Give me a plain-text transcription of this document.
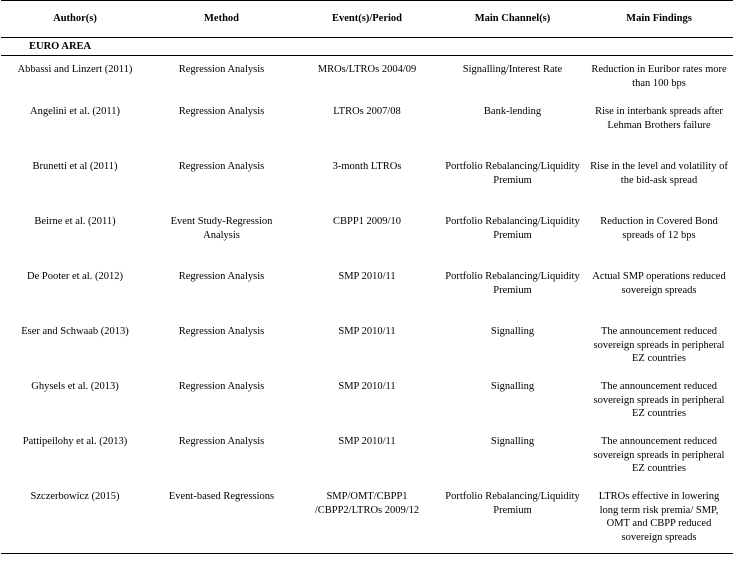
Author(s)	Method	Event(s)/Period	Main Channel(s)	Main Findings
EURO AREA				
Abbassi and Linzert (2011)	Regression Analysis	MROs/LTROs 2004/09	Signalling/Interest Rate	Reduction in Euribor rates more than 100 bps
Angelini et al. (2011)	Regression Analysis	LTROs 2007/08	Bank-lending	Rise in interbank spreads after Lehman Brothers failure
Brunetti et al (2011)	Regression Analysis	3-month LTROs	Portfolio Rebalancing/Liquidity Premium	Rise in the level and volatility of the bid-ask spread
Beirne et al. (2011)	Event Study-Regression Analysis	CBPP1 2009/10	Portfolio Rebalancing/Liquidity Premium	Reduction in Covered Bond spreads of 12 bps
De Pooter et al. (2012)	Regression Analysis	SMP 2010/11	Portfolio Rebalancing/Liquidity Premium	Actual SMP operations reduced sovereign spreads
Eser and Schwaab (2013)	Regression Analysis	SMP 2010/11	Signalling	The announcement reduced sovereign spreads in peripheral EZ countries
Ghysels et al. (2013)	Regression Analysis	SMP 2010/11	Signalling	The announcement reduced sovereign spreads in peripheral EZ countries
Pattipeilohy et al. (2013)	Regression Analysis	SMP 2010/11	Signalling	The announcement reduced sovereign spreads in peripheral EZ countries
Szczerbowicz (2015)	Event-based Regressions	SMP/OMT/CBPP1 /CBPP2/LTROs 2009/12	Portfolio Rebalancing/Liquidity Premium	LTROs effective in lowering long term risk premia/ SMP, OMT and CBPP reduced sovereign spreads
